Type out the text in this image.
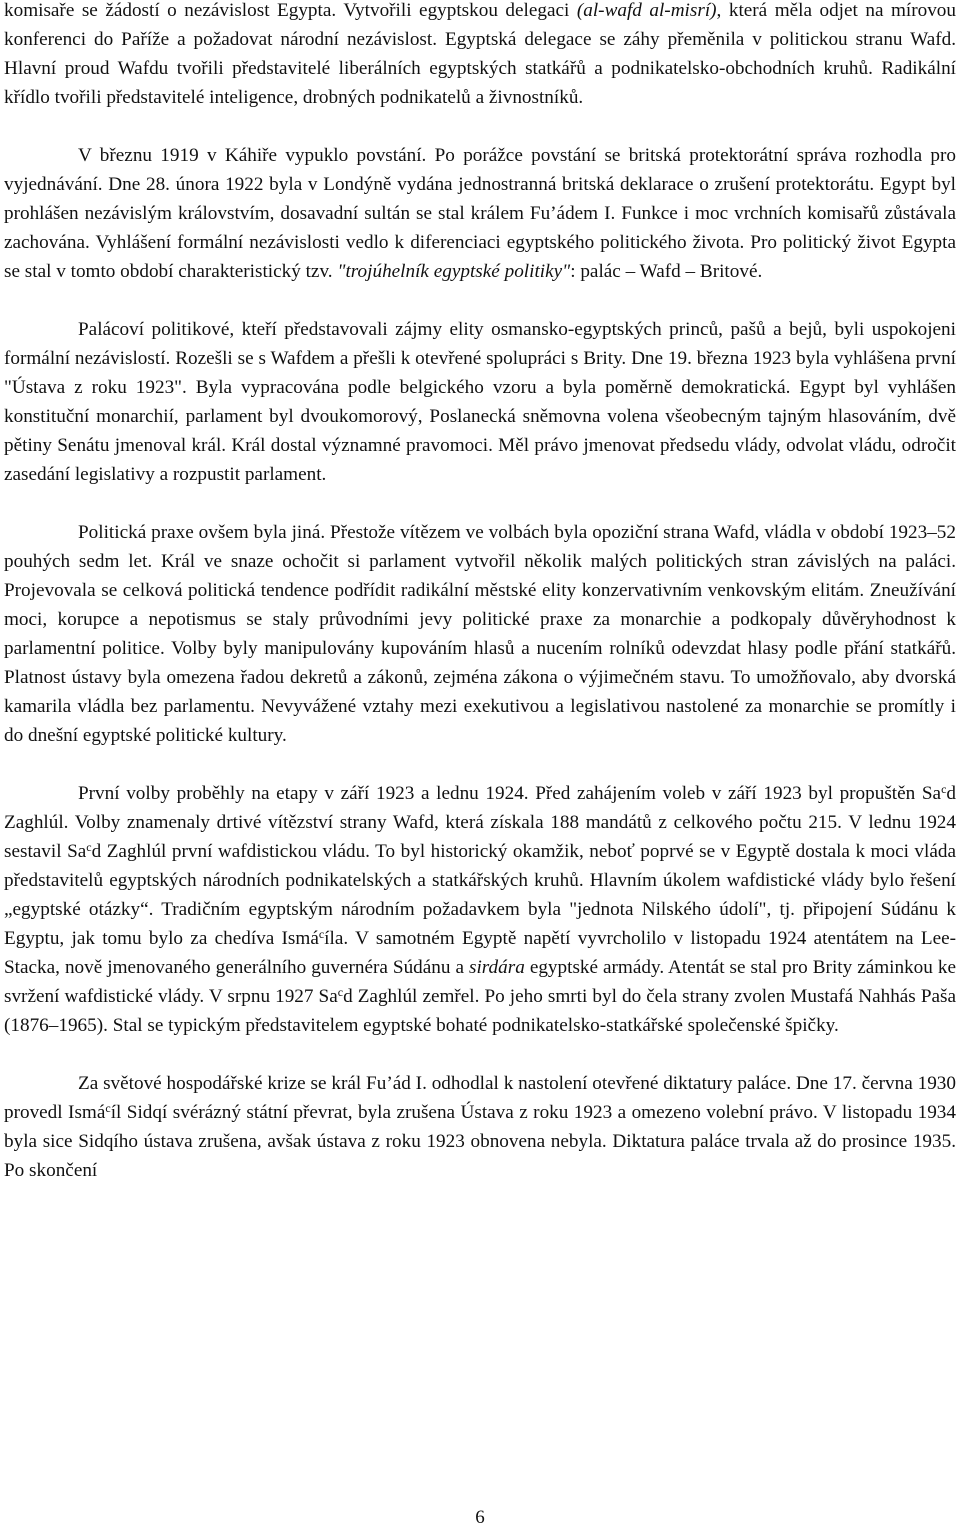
komisaře se žádostí o nezávislost Egypta. Vytvořili egyptskou delegaci (al-wafd al-misrí), která měla odjet na mírovou konferenci do Paříže a požadovat národní nezávislost. Egyptská delegace se záhy přeměnila v politickou stranu Wafd. Hlavní proud Wafdu tvořili představitelé liberálních egyptských statkářů a podnikatelsko-obchodních kruhů. Radikální křídlo tvořili představitelé inteligence, drobných podnikatelů a živnostníků.

V březnu 1919 v Káhiře vypuklo povstání. Po porážce povstání se britská protektorátní správa rozhodla pro vyjednávání. Dne 28. února 1922 byla v Londýně vydána jednostranná britská deklarace o zrušení protektorátu. Egypt byl prohlášen nezávislým královstvím, dosavadní sultán se stal králem Fu’ádem I. Funkce i moc vrchních komisařů zůstávala zachována. Vyhlášení formální nezávislosti vedlo k diferenciaci egyptského politického života. Pro politický život Egypta se stal v tomto období charakteristický tzv. "trojúhelník egyptské politiky": palác – Wafd – Britové.

Palácoví politikové, kteří představovali zájmy elity osmansko-egyptských princů, pašů a bejů, byli uspokojeni formální nezávislostí. Rozešli se s Wafdem a přešli k otevřené spolupráci s Brity. Dne 19. března 1923 byla vyhlášena první "Ústava z roku 1923". Byla vypracována podle belgického vzoru a byla poměrně demokratická. Egypt byl vyhlášen konstituční monarchií, parlament byl dvoukomorový, Poslanecká sněmovna volena všeobecným tajným hlasováním, dvě pětiny Senátu jmenoval král. Král dostal významné pravomoci. Měl právo jmenovat předsedu vlády, odvolat vládu, odročit zasedání legislativy a rozpustit parlament.

Politická praxe ovšem byla jiná. Přestože vítězem ve volbách byla opoziční strana Wafd, vládla v období 1923–52 pouhých sedm let. Král ve snaze ochočit si parlament vytvořil několik malých politických stran závislých na paláci. Projevovala se celková politická tendence podřídit radikální městské elity konzervativním venkovským elitám. Zneužívání moci, korupce a nepotismus se staly průvodními jevy politické praxe za monarchie a podkopaly důvěryhodnost k parlamentní politice. Volby byly manipulovány kupováním hlasů a nucením rolníků odevzdat hlasy podle přání statkářů. Platnost ústavy byla omezena řadou dekretů a zákonů, zejména zákona o výjimečném stavu. To umožňovalo, aby dvorská kamarila vládla bez parlamentu. Nevyvážené vztahy mezi exekutivou a legislativou nastolené za monarchie se promítly i do dnešní egyptské politické kultury.

První volby proběhly na etapy v září 1923 a lednu 1924. Před zahájením voleb v září 1923 byl propuštěn Sa$^c$d Zaghlúl. Volby znamenaly drtivé vítězství strany Wafd, která získala 188 mandátů z celkového počtu 215. V lednu 1924 sestavil Sa$^c$d Zaghlúl první wafdistickou vládu. To byl historický okamžik, neboť poprvé se v Egyptě dostala k moci vláda představitelů egyptských národních podnikatelských a statkářských kruhů. Hlavním úkolem wafdistické vlády bylo řešení „egyptské otázky“. Tradičním egyptským národním požadavkem byla "jednota Nilského údolí", tj. připojení Súdánu k Egyptu, jak tomu bylo za chedíva Ismá$^c$íla. V samotném Egyptě napětí vyvrcholilo v listopadu 1924 atentátem na Lee-Stacka, nově jmenovaného generálního guvernéra Súdánu a sirdára egyptské armády. Atentát se stal pro Brity záminkou ke svržení wafdistické vlády. V srpnu 1927 Sa$^c$d Zaghlúl zemřel. Po jeho smrti byl do čela strany zvolen Mustafá Nahhás Paša (1876–1965). Stal se typickým představitelem egyptské bohaté podnikatelsko-statkářské společenské špičky.

Za světové hospodářské krize se král Fu’ád I. odhodlal k nastolení otevřené diktatury paláce. Dne 17. června 1930 provedl Ismá$^c$íl Sidqí svérázný státní převrat, byla zrušena Ústava z roku 1923 a omezeno volební právo. V listopadu 1934 byla sice Sidqího ústava zrušena, avšak ústava z roku 1923 obnovena nebyla. Diktatura paláce trvala až do prosince 1935. Po skončení

6
